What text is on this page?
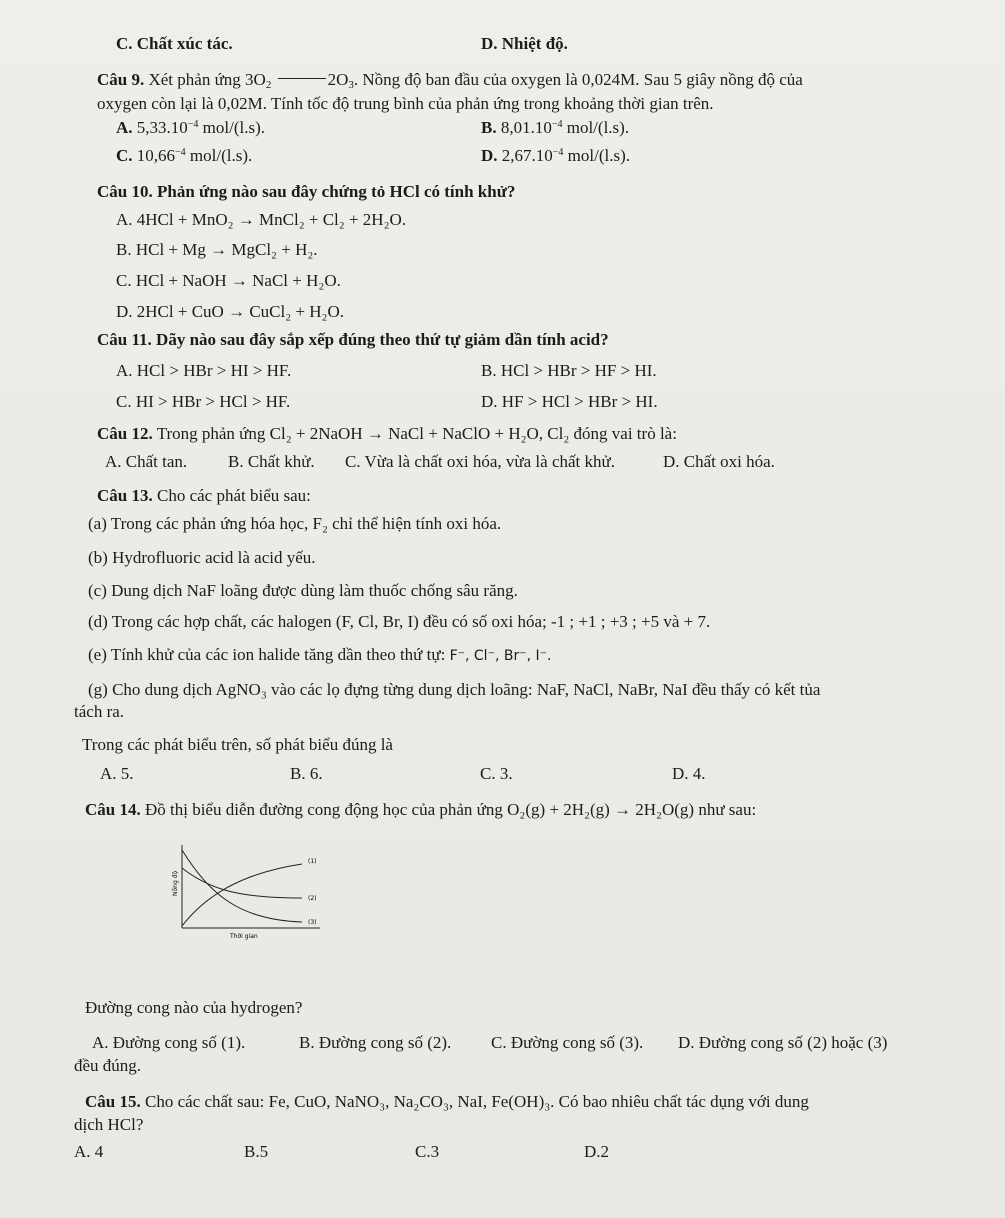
C. Chất xúc tác.	D. Nhiệt độ.
Câu 9. Xét phản ứng $3O_2$	$2O_3$. Nồng độ ban đầu của oxygen là 0,024M. Sau 5 giây nồng độ của
oxygen còn lại là 0,02M. Tính tốc độ trung bình của phản ứng trong khoảng thời gian trên.
A. $5,33.10^{-4}$ mol/(l.s).	B. $8,01.10^{-4}$ mol/(l.s).
C. $10,66^{-4}$ mol/(l.s).	D. $2,67.10^{-4}$ mol/(l.s).
Câu 10. Phản ứng nào sau đây chứng tỏ HCl có tính khử?
A. 4HCl + MnO₂ → MnCl₂ + Cl₂ + 2H₂O.
B. HCl + Mg → MgCl₂ + H₂.
C. HCl + NaOH → NaCl + H₂O.
D. 2HCl + CuO → CuCl₂ + H₂O.
Câu 11. Dãy nào sau đây sắp xếp đúng theo thứ tự giảm dần tính acid?
A. HCl > HBr > HI > HF.	B. HCl > HBr > HF > HI.
C. HI > HBr > HCl > HF.	D. HF > HCl > HBr > HI.
Câu 12. Trong phản ứng Cl₂ + 2NaOH → NaCl + NaClO + H₂O, Cl₂ đóng vai trò là:
A. Chất tan. B. Chất khử. C. Vừa là chất oxi hóa, vừa là chất khử.	D. Chất oxi hóa.
Câu 13. Cho các phát biểu sau:
(a) Trong các phản ứng hóa học, F₂ chỉ thể hiện tính oxi hóa.
(b) Hydrofluoric acid là acid yếu.
(c) Dung dịch NaF loãng được dùng làm thuốc chống sâu răng.
(d) Trong các hợp chất, các halogen (F, Cl, Br, I) đều có số oxi hóa; -1 ; +1 ; +3 ; +5 và + 7.
(e) Tính khử của các ion halide tăng dần theo thứ tự: F⁻, Cl⁻, Br⁻, I⁻.
(g) Cho dung dịch AgNO₃ vào các lọ đựng từng dung dịch loãng: NaF, NaCl, NaBr, NaI đều thấy có kết tủa
tách ra.
Trong các phát biểu trên, số phát biểu đúng là
A. 5.	B. 6.	C. 3.	D. 4.
Câu 14. Đồ thị biểu diễn đường cong động học của phản ứng O₂(g) + 2H₂(g) → 2H₂O(g) như sau:
(1)
(2)
(3)
Thời gian
Nồng độ
Đường cong nào của hydrogen?
A. Đường cong số (1).	B. Đường cong số (2). C. Đường cong số (3). D. Đường cong số (2) hoặc (3)
đều đúng.
Câu 15. Cho các chất sau: Fe, CuO, NaNO₃, Na₂CO₃, NaI, Fe(OH)₃. Có bao nhiêu chất tác dụng với dung
dịch HCl?
A. 4	B.5	C.3	D.2
